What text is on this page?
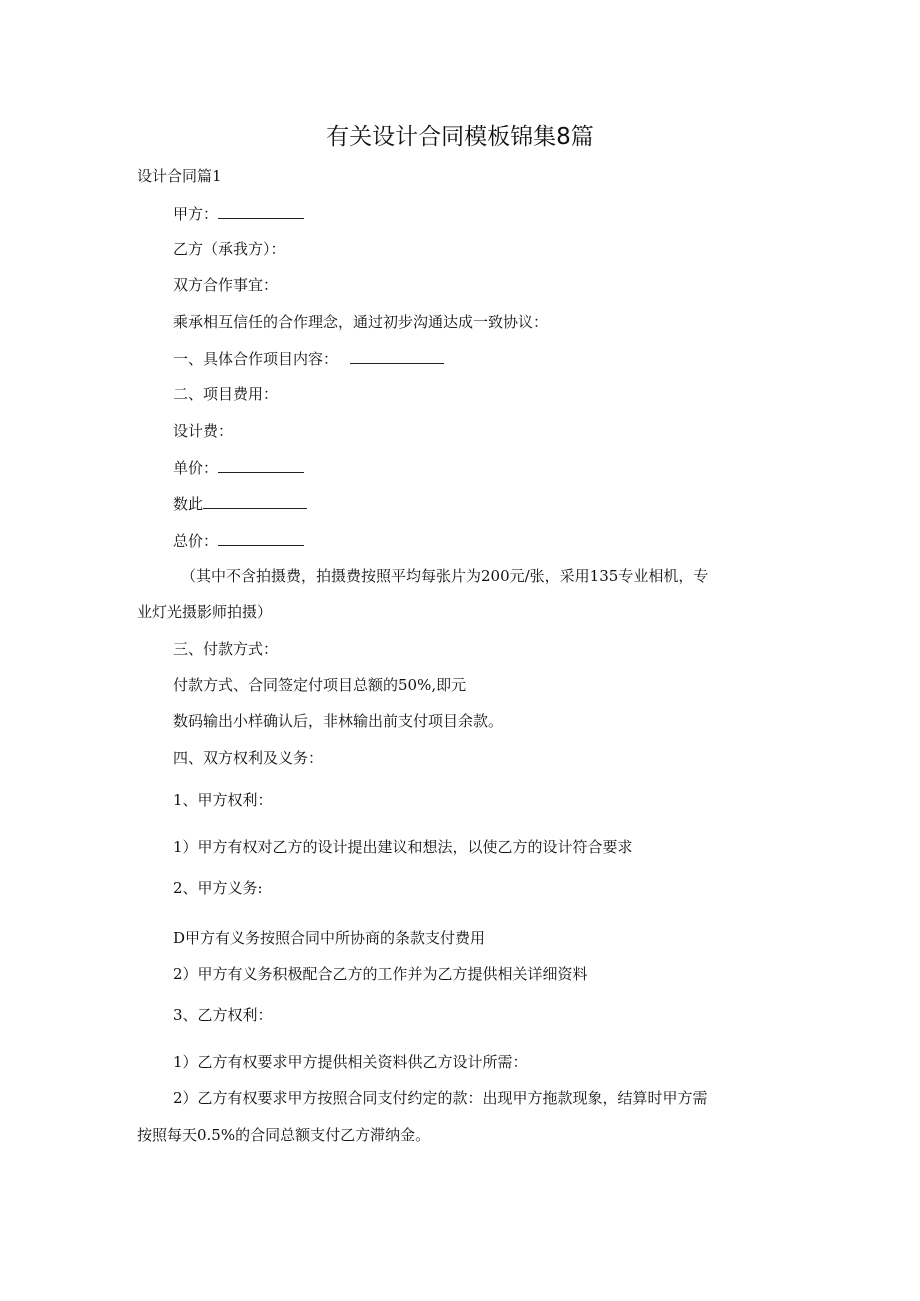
有关设计合同模板锦集8篇
设计合同篇1
甲方：
乙方（承我方）：
双方合作事宜：
乘承相互信任的合作理念，通过初步沟通达成一致协议：
一、具体合作项目内容：
二、项目费用：
设计费：
单价：
数此
总价：
（其中不含拍摄费，拍摄费按照平均每张片为200元/张，采用135专业相机，专
业灯光摄影师拍摄）
三、付款方式：
付款方式、合同签定付项目总额的50%,即元
数码输出小样确认后，非林输出前支付项目余款。
四、双方权利及义务：
1、甲方权利：
1）甲方有权对乙方的设计提出建议和想法，以使乙方的设计符合要求
2、甲方义务:
D甲方有义务按照合同中所协商的条款支付费用
2）甲方有义务积极配合乙方的工作并为乙方提供相关详细资料
3、乙方权利：
1）乙方有权要求甲方提供相关资料供乙方设计所需：
2）乙方有权要求甲方按照合同支付约定的款：出现甲方拖款现象，结算时甲方需
按照每天0.5%的合同总额支付乙方滞纳金。
